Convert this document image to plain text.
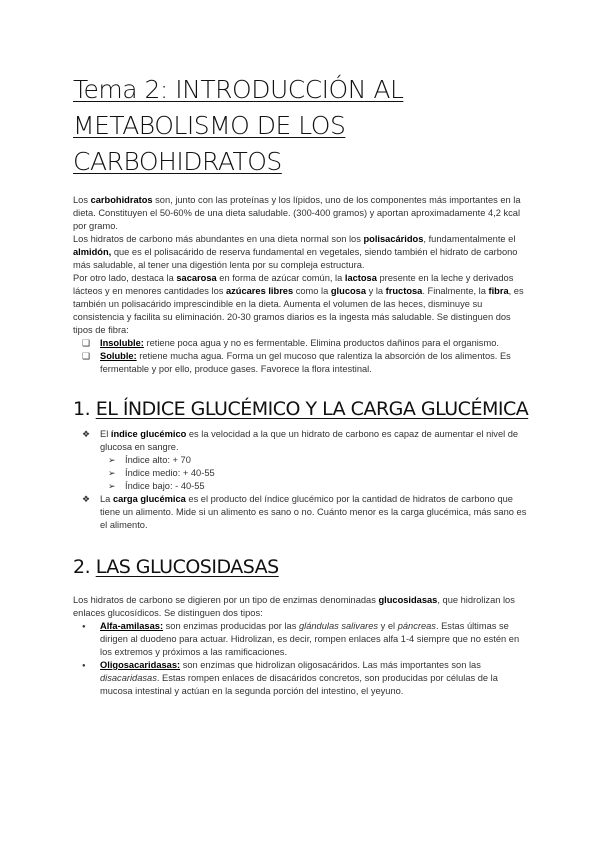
Tema 2: INTRODUCCIÓN AL
METABOLISMO DE LOS
CARBOHIDRATOS

Los carbohidratos son, junto con las proteínas y los lípidos, uno de los componentes más importantes en la dieta. Constituyen el 50-60% de una dieta saludable. (300-400 gramos) y aportan aproximadamente 4,2 kcal por gramo.

Los hidratos de carbono más abundantes en una dieta normal son los polisacáridos, fundamentalmente el almidón, que es el polisacárido de reserva fundamental en vegetales, siendo también el hidrato de carbono más saludable, al tener una digestión lenta por su compleja estructura.

Por otro lado, destaca la sacarosa en forma de azúcar común, la lactosa presente en la leche y derivados lácteos y en menores cantidades los azúcares libres como la glucosa y la fructosa. Finalmente, la fibra, es también un polisacárido imprescindible en la dieta. Aumenta el volumen de las heces, disminuye su consistencia y facilita su eliminación. 20-30 gramos diarios es la ingesta más saludable. Se distinguen dos tipos de fibra:

❑ Insoluble: retiene poca agua y no es fermentable. Elimina productos dañinos para el organismo.
❑ Soluble: retiene mucha agua. Forma un gel mucoso que ralentiza la absorción de los alimentos. Es fermentable y por ello, produce gases. Favorece la flora intestinal.
1. EL ÍNDICE GLUCÉMICO Y LA CARGA GLUCÉMICA
❖ El índice glucémico es la velocidad a la que un hidrato de carbono es capaz de aumentar el nivel de glucosa en sangre.
➢ Índice alto: + 70
➢ Índice medio: + 40-55
➢ Índice bajo: - 40-55
❖ La carga glucémica es el producto del índice glucémico por la cantidad de hidratos de carbono que tiene un alimento. Mide si un alimento es sano o no. Cuánto menor es la carga glucémica, más sano es el alimento.
2. LAS GLUCOSIDASAS

Los hidratos de carbono se digieren por un tipo de enzimas denominadas glucosidasas, que hidrolizan los enlaces glucosídicos. Se distinguen dos tipos:

● Alfa-amilasas: son enzimas producidas por las glándulas salivares y el páncreas. Estas últimas se dirigen al duodeno para actuar. Hidrolizan, es decir, rompen enlaces alfa 1-4 siempre que no estén en los extremos y próximos a las ramificaciones.
● Oligosacaridasas: son enzimas que hidrolizan oligosacáridos. Las más importantes son las disacaridasas. Estas rompen enlaces de disacáridos concretos, son producidas por células de la mucosa intestinal y actúan en la segunda porción del intestino, el yeyuno.
